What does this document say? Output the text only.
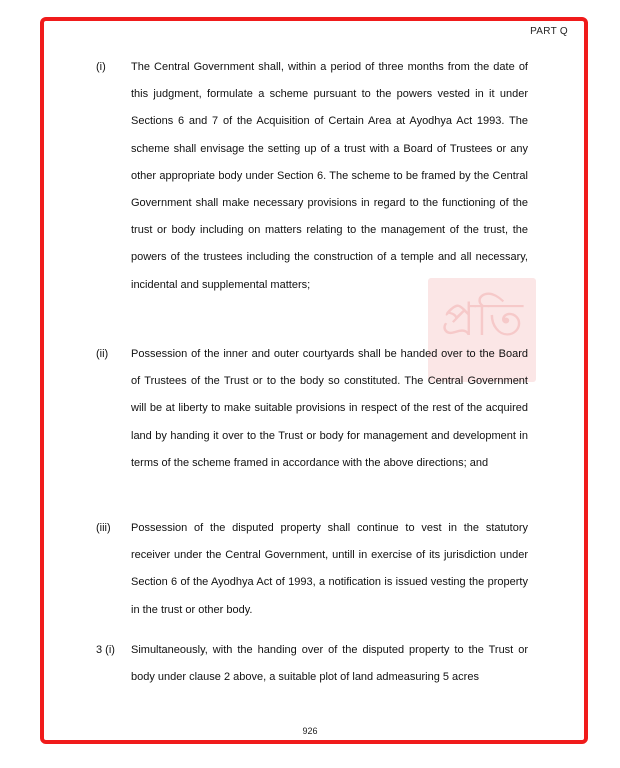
PART Q
প্রতি
(i) The Central Government shall, within a period of three months from the date of this judgment, formulate a scheme pursuant to the powers vested in it under Sections 6 and 7 of the Acquisition of Certain Area at Ayodhya Act 1993. The scheme shall envisage the setting up of a trust with a Board of Trustees or any other appropriate body under Section 6. The scheme to be framed by the Central Government shall make necessary provisions in regard to the functioning of the trust or body including on matters relating to the management of the trust, the powers of the trustees including the construction of a temple and all necessary, incidental and supplemental matters;
(ii) Possession of the inner and outer courtyards shall be handed over to the Board of Trustees of the Trust or to the body so constituted. The Central Government will be at liberty to make suitable provisions in respect of the rest of the acquired land by handing it over to the Trust or body for management and development in terms of the scheme framed in accordance with the above directions; and
(iii) Possession of the disputed property shall continue to vest in the statutory receiver under the Central Government, untill in exercise of its jurisdiction under Section 6 of the Ayodhya Act of 1993, a notification is issued vesting the property in the trust or other body.
3 (i) Simultaneously, with the handing over of the disputed property to the Trust or body under clause 2 above, a suitable plot of land admeasuring 5 acres
926
